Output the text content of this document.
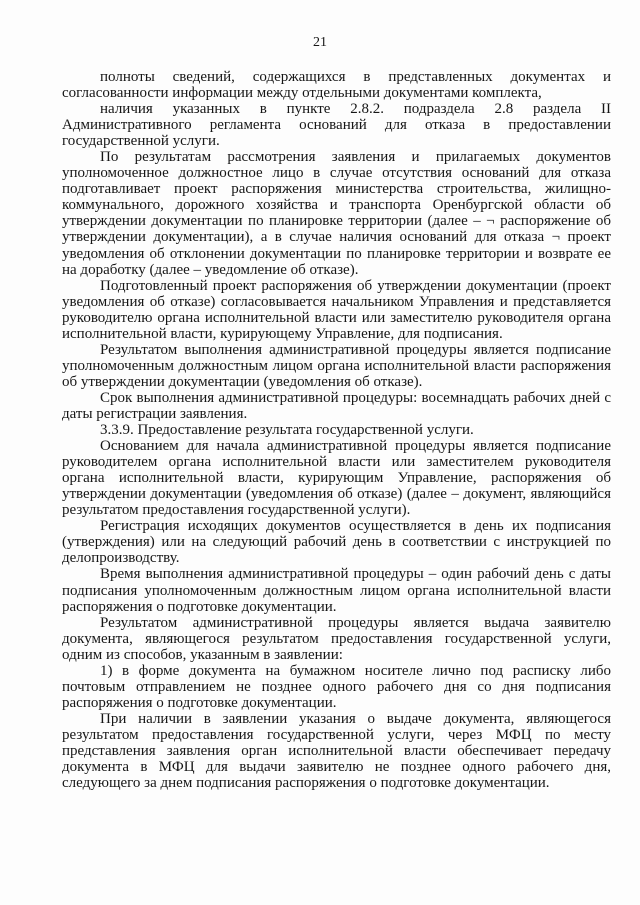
21

полноты сведений, содержащихся в представленных документах и согласованности информации между отдельными документами комплекта,

наличия указанных в пункте 2.8.2. подраздела 2.8 раздела II Административного регламента оснований для отказа в предоставлении государственной услуги.

По результатам рассмотрения заявления и прилагаемых документов уполномоченное должностное лицо в случае отсутствия оснований для отказа подготавливает проект распоряжения министерства строительства, жилищно-коммунального, дорожного хозяйства и транспорта Оренбургской области об утверждении документации по планировке территории (далее – ¬ распоряжение об утверждении документации), а в случае наличия оснований для отказа ¬ проект уведомления об отклонении документации по планировке территории и возврате ее на доработку (далее – уведомление об отказе).

Подготовленный проект распоряжения об утверждении документации (проект уведомления об отказе) согласовывается начальником Управления и представляется руководителю органа исполнительной власти или заместителю руководителя органа исполнительной власти, курирующему Управление, для подписания.

Результатом выполнения административной процедуры является подписание уполномоченным должностным лицом органа исполнительной власти распоряжения об утверждении документации (уведомления об отказе).

Срок выполнения административной процедуры: восемнадцать рабочих дней с даты регистрации заявления.

3.3.9. Предоставление результата государственной услуги.

Основанием для начала административной процедуры является подписание руководителем органа исполнительной власти или заместителем руководителя органа исполнительной власти, курирующим Управление, распоряжения об утверждении документации (уведомления об отказе) (далее – документ, являющийся результатом предоставления государственной услуги).

Регистрация исходящих документов осуществляется в день их подписания (утверждения) или на следующий рабочий день в соответствии с инструкцией по делопроизводству.

Время выполнения административной процедуры – один рабочий день с даты подписания уполномоченным должностным лицом органа исполнительной власти распоряжения о подготовке документации.

Результатом административной процедуры является выдача заявителю документа, являющегося результатом предоставления государственной услуги, одним из способов, указанным в заявлении:

1) в форме документа на бумажном носителе лично под расписку либо почтовым отправлением не позднее одного рабочего дня со дня подписания распоряжения о подготовке документации.

При наличии в заявлении указания о выдаче документа, являющегося результатом предоставления государственной услуги, через МФЦ по месту представления заявления орган исполнительной власти обеспечивает передачу документа в МФЦ для выдачи заявителю не позднее одного рабочего дня, следующего за днем подписания распоряжения о подготовке документации.
